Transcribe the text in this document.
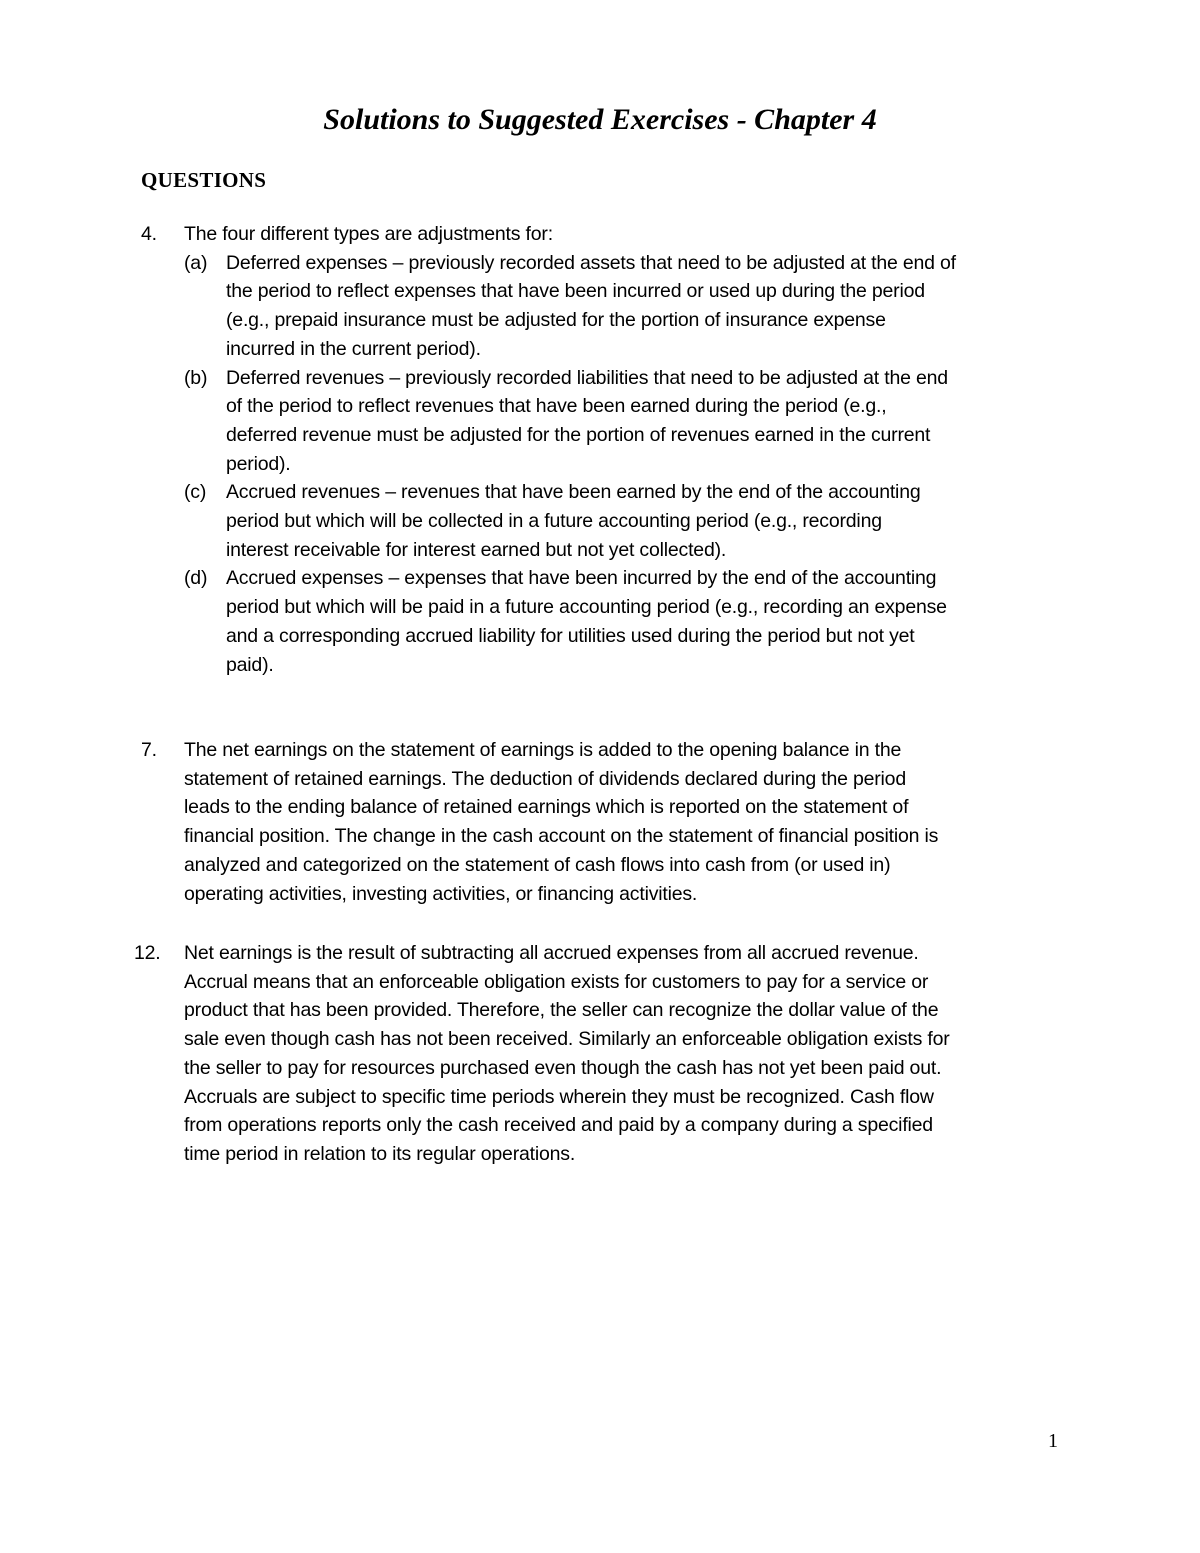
Solutions to Suggested Exercises - Chapter 4
QUESTIONS
4.	The four different types are adjustments for:
(a) Deferred expenses – previously recorded assets that need to be adjusted at the end of
the period to reflect expenses that have been incurred or used up during the period
(e.g., prepaid insurance must be adjusted for the portion of insurance expense
incurred in the current period).
(b) Deferred revenues – previously recorded liabilities that need to be adjusted at the end
of the period to reflect revenues that have been earned during the period (e.g.,
deferred revenue must be adjusted for the portion of revenues earned in the current
period).
(c)	Accrued revenues – revenues that have been earned by the end of the accounting
period but which will be collected in a future accounting period (e.g., recording
interest receivable for interest earned but not yet collected).
(d) Accrued expenses – expenses that have been incurred by the end of the accounting
period but which will be paid in a future accounting period (e.g., recording an expense
and a corresponding accrued liability for utilities used during the period but not yet
paid).
7.	The net earnings on the statement of earnings is added to the opening balance in the
statement of retained earnings. The deduction of dividends declared during the period
leads to the ending balance of retained earnings which is reported on the statement of
financial position. The change in the cash account on the statement of financial position is
analyzed and categorized on the statement of cash flows into cash from (or used in)
operating activities, investing activities, or financing activities.
12.	Net earnings is the result of subtracting all accrued expenses from all accrued revenue.
Accrual means that an enforceable obligation exists for customers to pay for a service or
product that has been provided. Therefore, the seller can recognize the dollar value of the
sale even though cash has not been received. Similarly an enforceable obligation exists for
the seller to pay for resources purchased even though the cash has not yet been paid out.
Accruals are subject to specific time periods wherein they must be recognized. Cash flow
from operations reports only the cash received and paid by a company during a specified
time period in relation to its regular operations.
1
